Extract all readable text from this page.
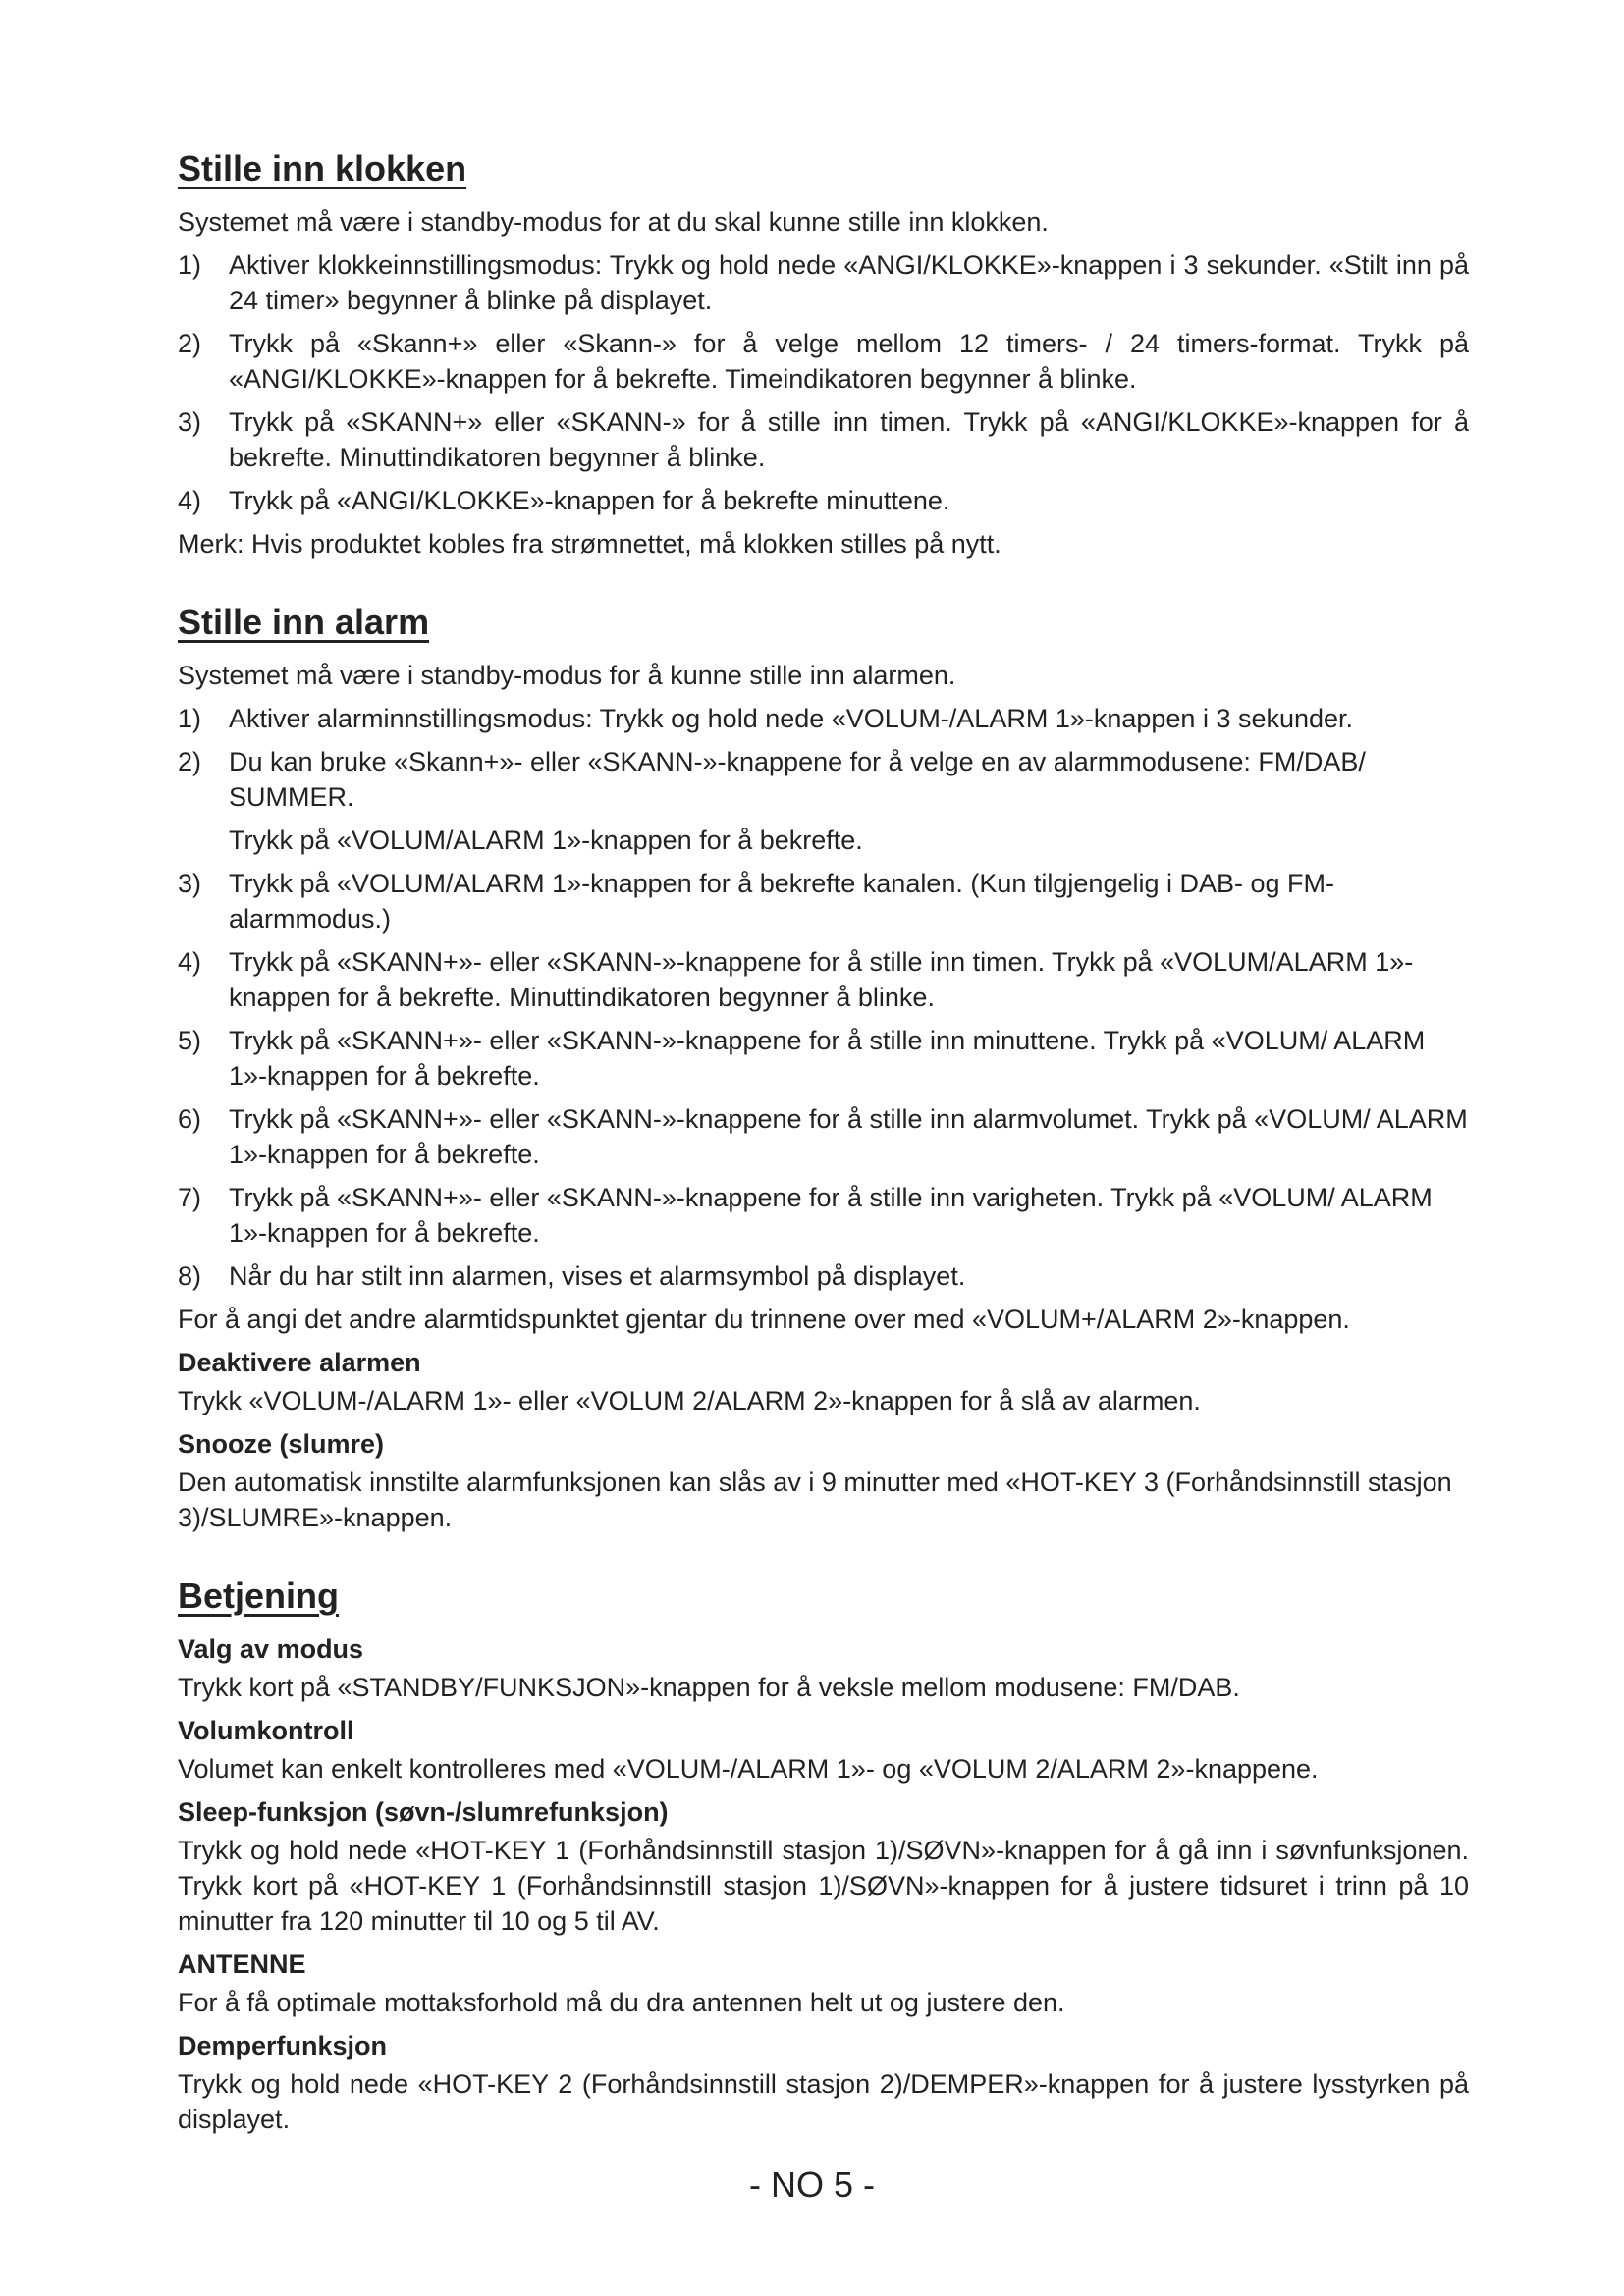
Stille inn klokken
Systemet må være i standby-modus for at du skal kunne stille inn klokken.
1) Aktiver klokkeinnstillingsmodus: Trykk og hold nede «ANGI/KLOKKE»-knappen i 3 sekunder. «Stilt inn på 24 timer» begynner å blinke på displayet.
2) Trykk på «Skann+» eller «Skann-» for å velge mellom 12 timers- / 24 timers-format. Trykk på «ANGI/KLOKKE»-knappen for å bekrefte. Timeindikatoren begynner å blinke.
3) Trykk på «SKANN+» eller «SKANN-» for å stille inn timen. Trykk på «ANGI/KLOKKE»-knappen for å bekrefte. Minuttindikatoren begynner å blinke.
4) Trykk på «ANGI/KLOKKE»-knappen for å bekrefte minuttene.
Merk: Hvis produktet kobles fra strømnettet, må klokken stilles på nytt.
Stille inn alarm
Systemet må være i standby-modus for å kunne stille inn alarmen.
1) Aktiver alarminnstillingsmodus: Trykk og hold nede «VOLUM-/ALARM 1»-knappen i 3 sekunder.
2) Du kan bruke «Skann+»- eller «SKANN-»-knappene for å velge en av alarmmodusene: FM/DAB/ SUMMER.
Trykk på «VOLUM/ALARM 1»-knappen for å bekrefte.
3) Trykk på «VOLUM/ALARM 1»-knappen for å bekrefte kanalen. (Kun tilgjengelig i DAB- og FM-alarmmodus.)
4) Trykk på «SKANN+»- eller «SKANN-»-knappene for å stille inn timen. Trykk på «VOLUM/ALARM 1»-knappen for å bekrefte. Minuttindikatoren begynner å blinke.
5) Trykk på «SKANN+»- eller «SKANN-»-knappene for å stille inn minuttene. Trykk på «VOLUM/ ALARM 1»-knappen for å bekrefte.
6) Trykk på «SKANN+»- eller «SKANN-»-knappene for å stille inn alarmvolumet. Trykk på «VOLUM/ ALARM 1»-knappen for å bekrefte.
7) Trykk på «SKANN+»- eller «SKANN-»-knappene for å stille inn varigheten. Trykk på «VOLUM/ ALARM 1»-knappen for å bekrefte.
8) Når du har stilt inn alarmen, vises et alarmsymbol på displayet.
For å angi det andre alarmtidspunktet gjentar du trinnene over med «VOLUM+/ALARM 2»-knappen.
Deaktivere alarmen
Trykk «VOLUM-/ALARM 1»- eller «VOLUM 2/ALARM 2»-knappen for å slå av alarmen.
Snooze (slumre)
Den automatisk innstilte alarmfunksjonen kan slås av i 9 minutter med «HOT-KEY 3 (Forhåndsinnstill stasjon 3)/SLUMRE»-knappen.
Betjening
Valg av modus
Trykk kort på «STANDBY/FUNKSJON»-knappen for å veksle mellom modusene: FM/DAB.
Volumkontroll
Volumet kan enkelt kontrolleres med «VOLUM-/ALARM 1»- og «VOLUM 2/ALARM 2»-knappene.
Sleep-funksjon (søvn-/slumrefunksjon)
Trykk og hold nede «HOT-KEY 1 (Forhåndsinnstill stasjon 1)/SØVN»-knappen for å gå inn i søvnfunksjonen. Trykk kort på «HOT-KEY 1 (Forhåndsinnstill stasjon 1)/SØVN»-knappen for å justere tidsuret i trinn på 10 minutter fra 120 minutter til 10 og 5 til AV.
ANTENNE
For å få optimale mottaksforhold må du dra antennen helt ut og justere den.
Demperfunksjon
Trykk og hold nede «HOT-KEY 2 (Forhåndsinnstill stasjon 2)/DEMPER»-knappen for å justere lysstyrken på displayet.
- NO 5 -
